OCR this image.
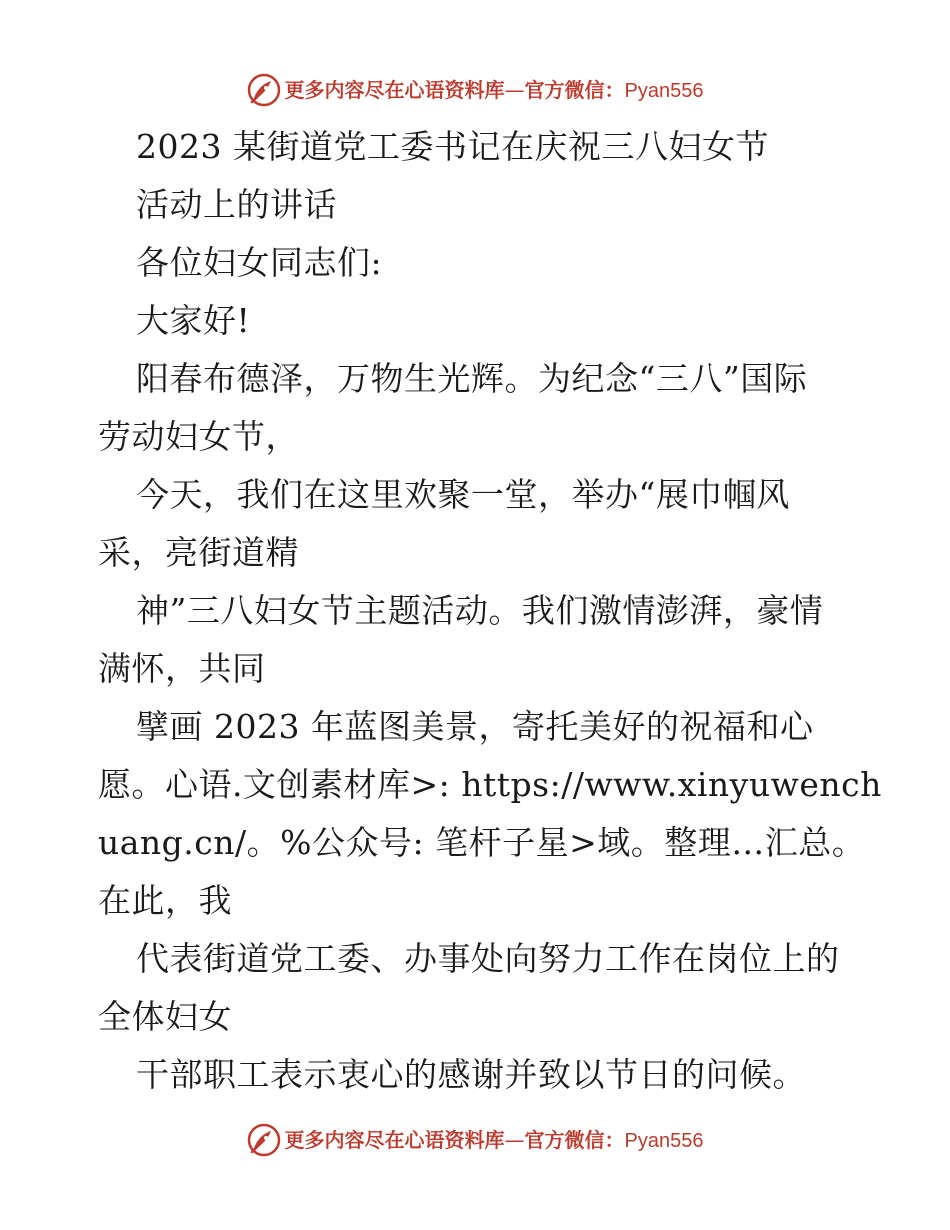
更多内容尽在心语资料库 — 官方微信： Pyan556
2023 某街道党工委书记在庆祝三八妇女节
活动上的讲话
各位妇女同志们:
大家好!
阳春布德泽，万物生光辉。为纪念“三八”国际
劳动妇女节，
今天，我们在这里欢聚一堂，举办“展巾帼风
采，亮街道精
神”三八妇女节主题活动。我们激情澎湃，豪情
满怀，共同
擘画 2023 年蓝图美景，寄托美好的祝福和心
愿。心语.文创素材库>: https://www.xinyuwench
uang.cn/。%公众号: 笔杆子星>域。整理…汇总。
在此，我
代表街道党工委、办事处向努力工作在岗位上的
全体妇女
干部职工表示衷心的感谢并致以节日的问候。
更多内容尽在心语资料库 — 官方微信： Pyan556
